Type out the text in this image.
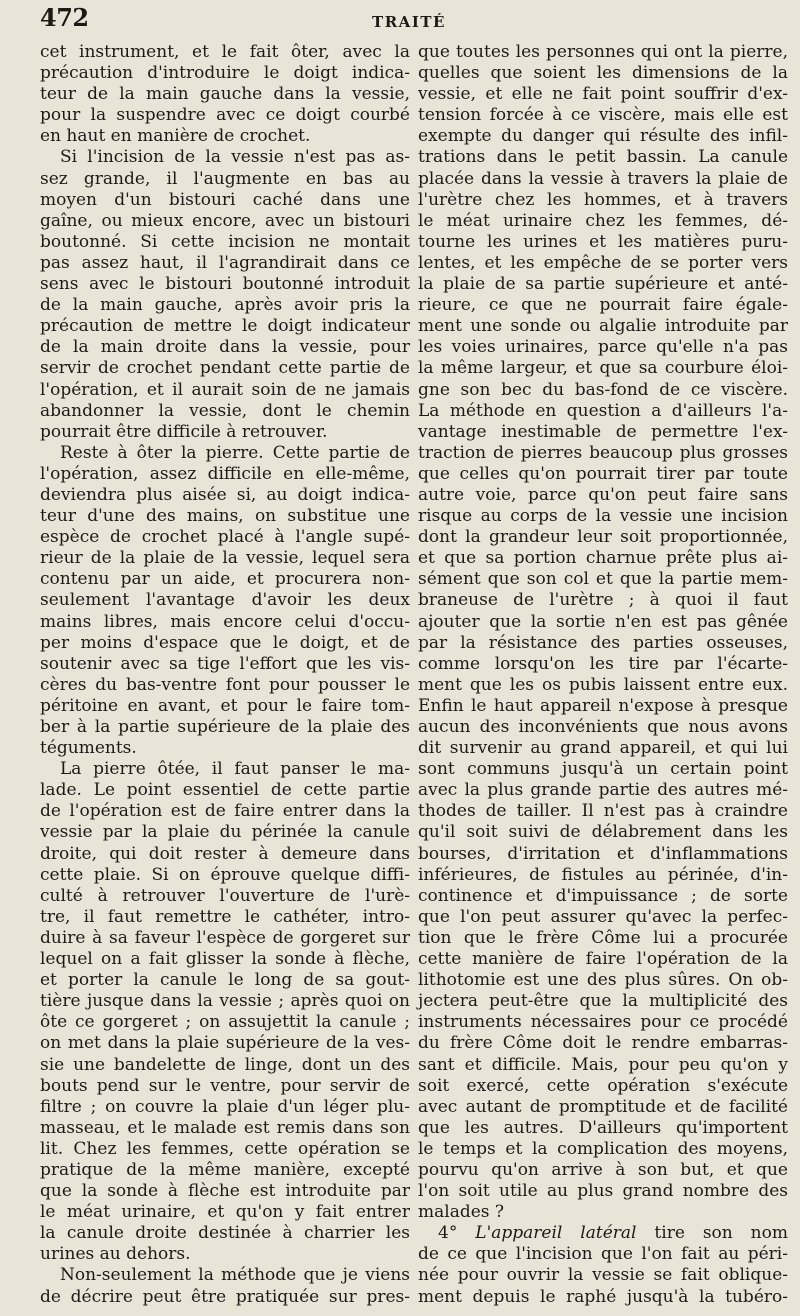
472	TRAITÉ
cet instrument, et le fait ôter, avec la
précaution d'introduire le doigt indica-
teur de la main gauche dans la vessie,
pour la suspendre avec ce doigt courbé
en haut en manière de crochet.
Si l'incision de la vessie n'est pas as-
sez grande, il l'augmente en bas au
moyen d'un bistouri caché dans une
gaîne, ou mieux encore, avec un bistouri
boutonné. Si cette incision ne montait
pas assez haut, il l'agrandirait dans ce
sens avec le bistouri boutonné introduit
de la main gauche, après avoir pris la
précaution de mettre le doigt indicateur
de la main droite dans la vessie, pour
servir de crochet pendant cette partie de
l'opération, et il aurait soin de ne jamais
abandonner la vessie, dont le chemin
pourrait être difficile à retrouver.
Reste à ôter la pierre. Cette partie de
l'opération, assez difficile en elle-même,
deviendra plus aisée si, au doigt indica-
teur d'une des mains, on substitue une
espèce de crochet placé à l'angle supé-
rieur de la plaie de la vessie, lequel sera
contenu par un aide, et procurera non-
seulement l'avantage d'avoir les deux
mains libres, mais encore celui d'occu-
per moins d'espace que le doigt, et de
soutenir avec sa tige l'effort que les vis-
cères du bas-ventre font pour pousser le
péritoine en avant, et pour le faire tom-
ber à la partie supérieure de la plaie des
téguments.
La pierre ôtée, il faut panser le ma-
lade. Le point essentiel de cette partie
de l'opération est de faire entrer dans la
vessie par la plaie du périnée la canule
droite, qui doit rester à demeure dans
cette plaie. Si on éprouve quelque diffi-
culté à retrouver l'ouverture de l'urè-
tre, il faut remettre le cathéter, intro-
duire à sa faveur l'espèce de gorgeret sur
lequel on a fait glisser la sonde à flèche,
et porter la canule le long de sa gout-
tière jusque dans la vessie ; après quoi on
ôte ce gorgeret ; on assujettit la canule ;
on met dans la plaie supérieure de la ves-
sie une bandelette de linge, dont un des
bouts pend sur le ventre, pour servir de
filtre ; on couvre la plaie d'un léger plu-
masseau, et le malade est remis dans son
lit. Chez les femmes, cette opération se
pratique de la même manière, excepté
que la sonde à flèche est introduite par
le méat urinaire, et qu'on y fait entrer
la canule droite destinée à charrier les
urines au dehors.
Non-seulement la méthode que je viens
de décrire peut être pratiquée sur pres-
que toutes les personnes qui ont la pierre,
quelles que soient les dimensions de la
vessie, et elle ne fait point souffrir d'ex-
tension forcée à ce viscère, mais elle est
exempte du danger qui résulte des infil-
trations dans le petit bassin. La canule
placée dans la vessie à travers la plaie de
l'urètre chez les hommes, et à travers
le méat urinaire chez les femmes, dé-
tourne les urines et les matières puru-
lentes, et les empêche de se porter vers
la plaie de sa partie supérieure et anté-
rieure, ce que ne pourrait faire égale-
ment une sonde ou algalie introduite par
les voies urinaires, parce qu'elle n'a pas
la même largeur, et que sa courbure éloi-
gne son bec du bas-fond de ce viscère.
La méthode en question a d'ailleurs l'a-
vantage inestimable de permettre l'ex-
traction de pierres beaucoup plus grosses
que celles qu'on pourrait tirer par toute
autre voie, parce qu'on peut faire sans
risque au corps de la vessie une incision
dont la grandeur leur soit proportionnée,
et que sa portion charnue prête plus ai-
sément que son col et que la partie mem-
braneuse de l'urètre ; à quoi il faut
ajouter que la sortie n'en est pas gênée
par la résistance des parties osseuses,
comme lorsqu'on les tire par l'écarte-
ment que les os pubis laissent entre eux.
Enfin le haut appareil n'expose à presque
aucun des inconvénients que nous avons
dit survenir au grand appareil, et qui lui
sont communs jusqu'à un certain point
avec la plus grande partie des autres mé-
thodes de tailler. Il n'est pas à craindre
qu'il soit suivi de délabrement dans les
bourses, d'irritation et d'inflammations
inférieures, de fistules au périnée, d'in-
continence et d'impuissance ; de sorte
que l'on peut assurer qu'avec la perfec-
tion que le frère Côme lui a procurée
cette manière de faire l'opération de la
lithotomie est une des plus sûres. On ob-
jectera peut-être que la multiplicité des
instruments nécessaires pour ce procédé
du frère Côme doit le rendre embarras-
sant et difficile. Mais, pour peu qu'on y
soit exercé, cette opération s'exécute
avec autant de promptitude et de facilité
que les autres. D'ailleurs qu'importent
le temps et la complication des moyens,
pourvu qu'on arrive à son but, et que
l'on soit utile au plus grand nombre des
malades ?
4° L'appareil latéral tire son nom
de ce que l'incision que l'on fait au péri-
née pour ouvrir la vessie se fait oblique-
ment depuis le raphé jusqu'à la tubéro-
